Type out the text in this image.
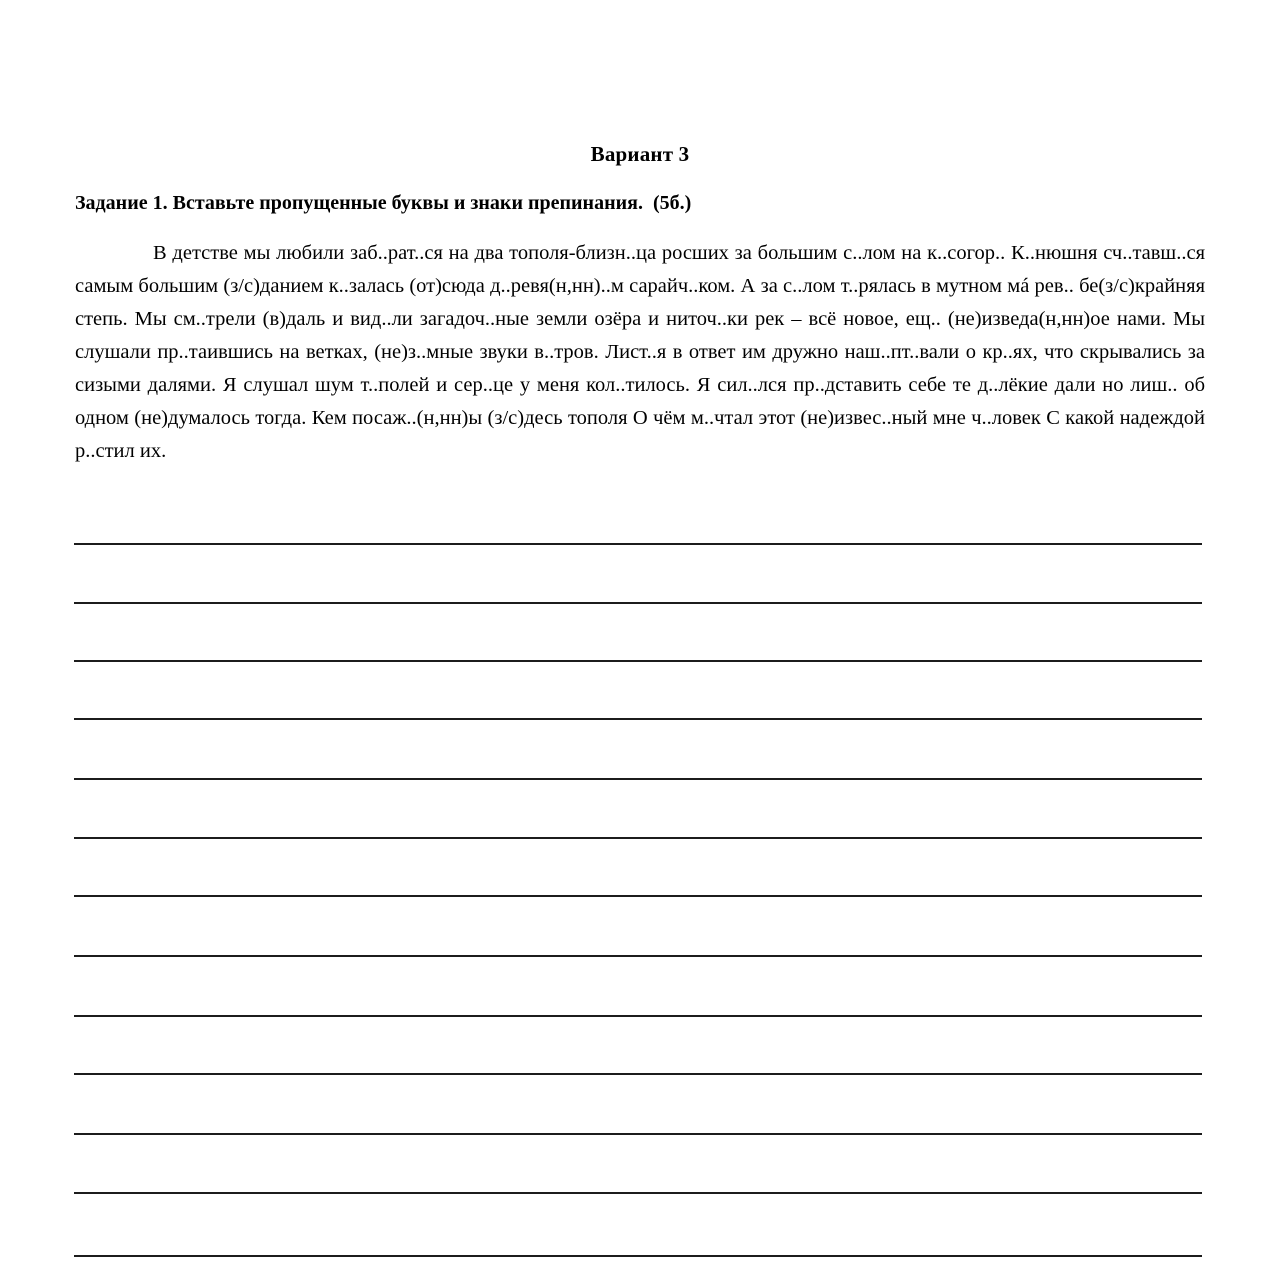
Вариант 3
Задание 1. Вставьте пропущенные буквы и знаки препинания.  (5б.)

В детстве мы любили заб..рат..ся на два тополя-близн..ца росших за большим с..лом на к..согор.. К..нюшня сч..тавш..ся самым большим (з/с)данием к..залась (от)сюда д..ревя(н,нн)..м сарайч..ком. А за с..лом т..рялась в мутном мá рев.. бе(з/с)крайняя степь. Мы см..трели (в)даль и вид..ли загадоч..ные земли озёра и ниточ..ки рек – всё новое, ещ.. (не)изведа(н,нн)ое нами. Мы слушали пр..таившись на ветках, (не)з..мные звуки в..тров. Лист..я в ответ им дружно наш..пт..вали о кр..ях, что скрывались за сизыми далями. Я слушал шум т..полей и сер..це у меня кол..тилось. Я сил..лся пр..дставить себе те д..лёкие дали но лиш.. об одном (не)думалось тогда. Кем посаж..(н,нн)ы (з/с)десь тополя О чём м..чтал этот (не)извес..ный мне ч..ловек С какой надеждой р..стил их.
